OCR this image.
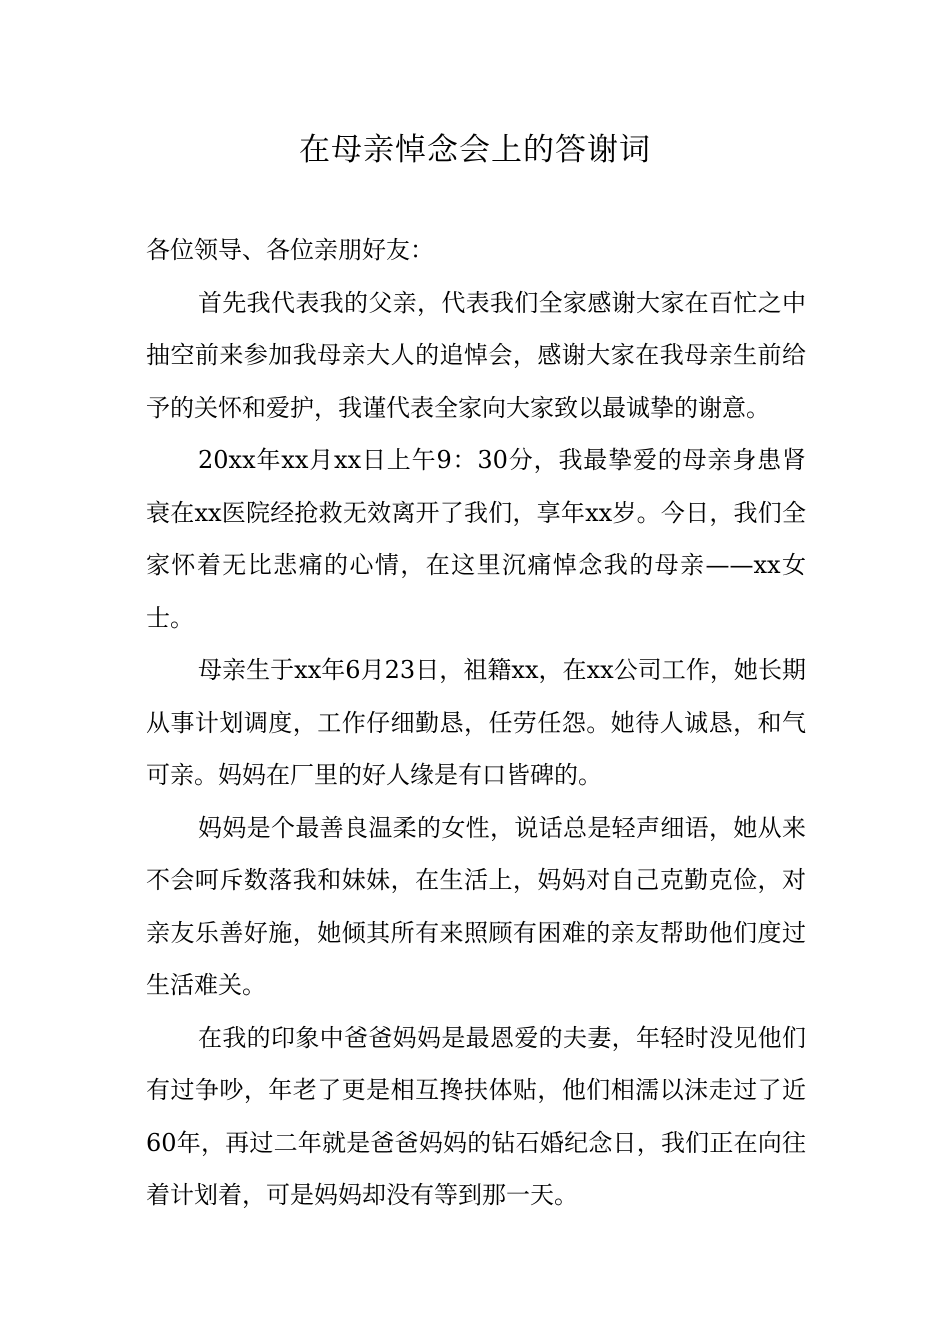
在母亲悼念会上的答谢词

各位领导、各位亲朋好友：

首先我代表我的父亲，代表我们全家感谢大家在百忙之中抽空前来参加我母亲大人的追悼会，感谢大家在我母亲生前给予的关怀和爱护，我谨代表全家向大家致以最诚挚的谢意。

20xx年xx月xx日上午9：30分，我最挚爱的母亲身患肾衰在xx医院经抢救无效离开了我们，享年xx岁。今日，我们全家怀着无比悲痛的心情，在这里沉痛悼念我的母亲——xx女士。

母亲生于xx年6月23日，祖籍xx，在xx公司工作，她长期从事计划调度，工作仔细勤恳，任劳任怨。她待人诚恳，和气可亲。妈妈在厂里的好人缘是有口皆碑的。

妈妈是个最善良温柔的女性，说话总是轻声细语，她从来不会呵斥数落我和妹妹，在生活上，妈妈对自己克勤克俭，对亲友乐善好施，她倾其所有来照顾有困难的亲友帮助他们度过生活难关。

在我的印象中爸爸妈妈是最恩爱的夫妻，年轻时没见他们有过争吵，年老了更是相互搀扶体贴，他们相濡以沫走过了近60年，再过二年就是爸爸妈妈的钻石婚纪念日，我们正在向往着计划着，可是妈妈却没有等到那一天。
